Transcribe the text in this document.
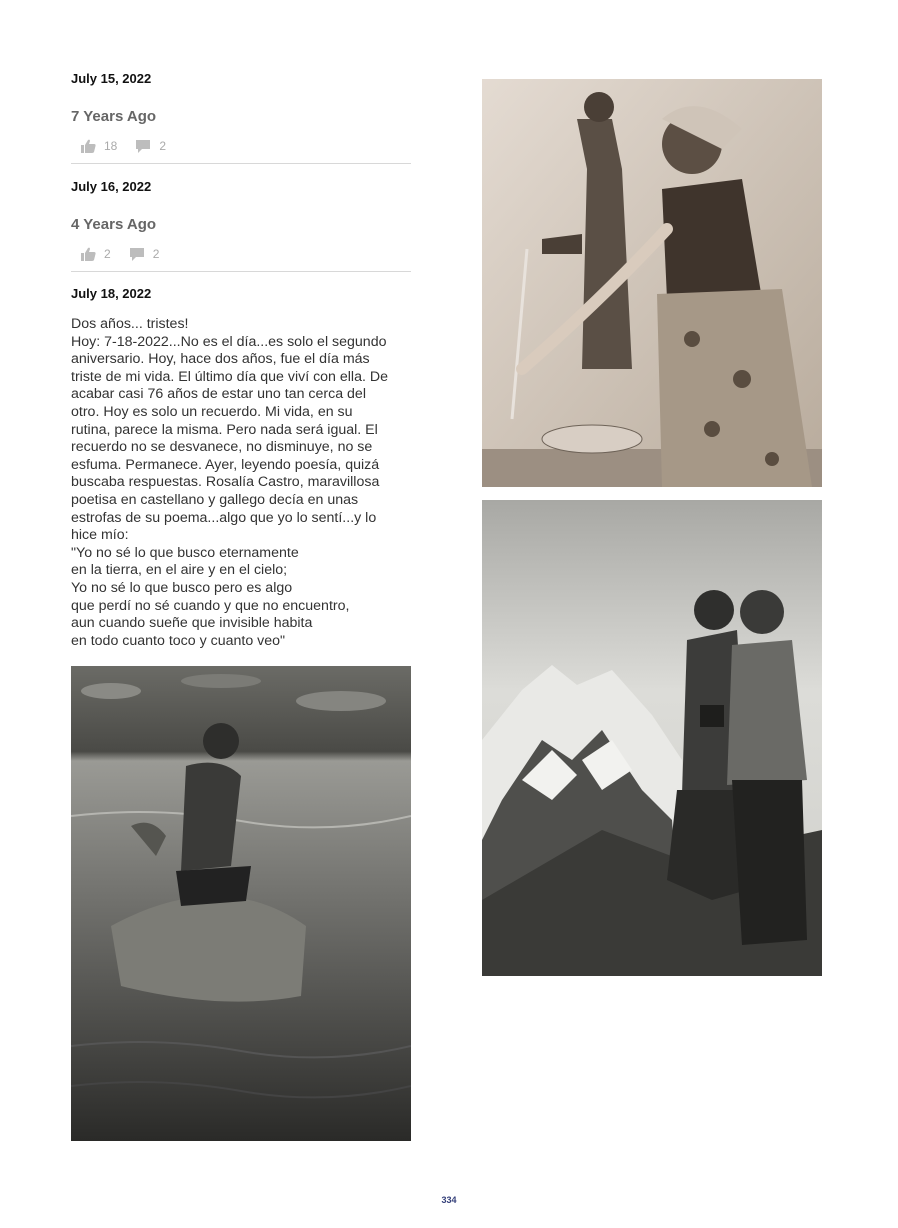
July 15, 2022
7 Years Ago
18	2
July 16, 2022
4 Years Ago
2	2
July 18, 2022
Dos años... tristes!
Hoy: 7-18-2022...No es el día...es solo el segundo
aniversario. Hoy, hace dos años, fue el día más
triste de mi vida. El último día que viví con ella. De
acabar casi 76 años de estar uno tan cerca del
otro. Hoy es solo un recuerdo. Mi vida, en su
rutina, parece la misma. Pero nada será igual. El
recuerdo no se desvanece, no disminuye, no se
esfuma. Permanece. Ayer, leyendo poesía, quizá
buscaba respuestas. Rosalía Castro, maravillosa
poetisa en castellano y gallego decía en unas
estrofas de su poema...algo que yo lo sentí...y lo
hice mío:
"Yo no sé lo que busco eternamente
en la tierra, en el aire y en el cielo;
Yo no sé lo que busco pero es algo
que perdí no sé cuando y que no encuentro,
aun cuando sueñe que invisible habita
en todo cuanto toco y cuanto veo"
334
